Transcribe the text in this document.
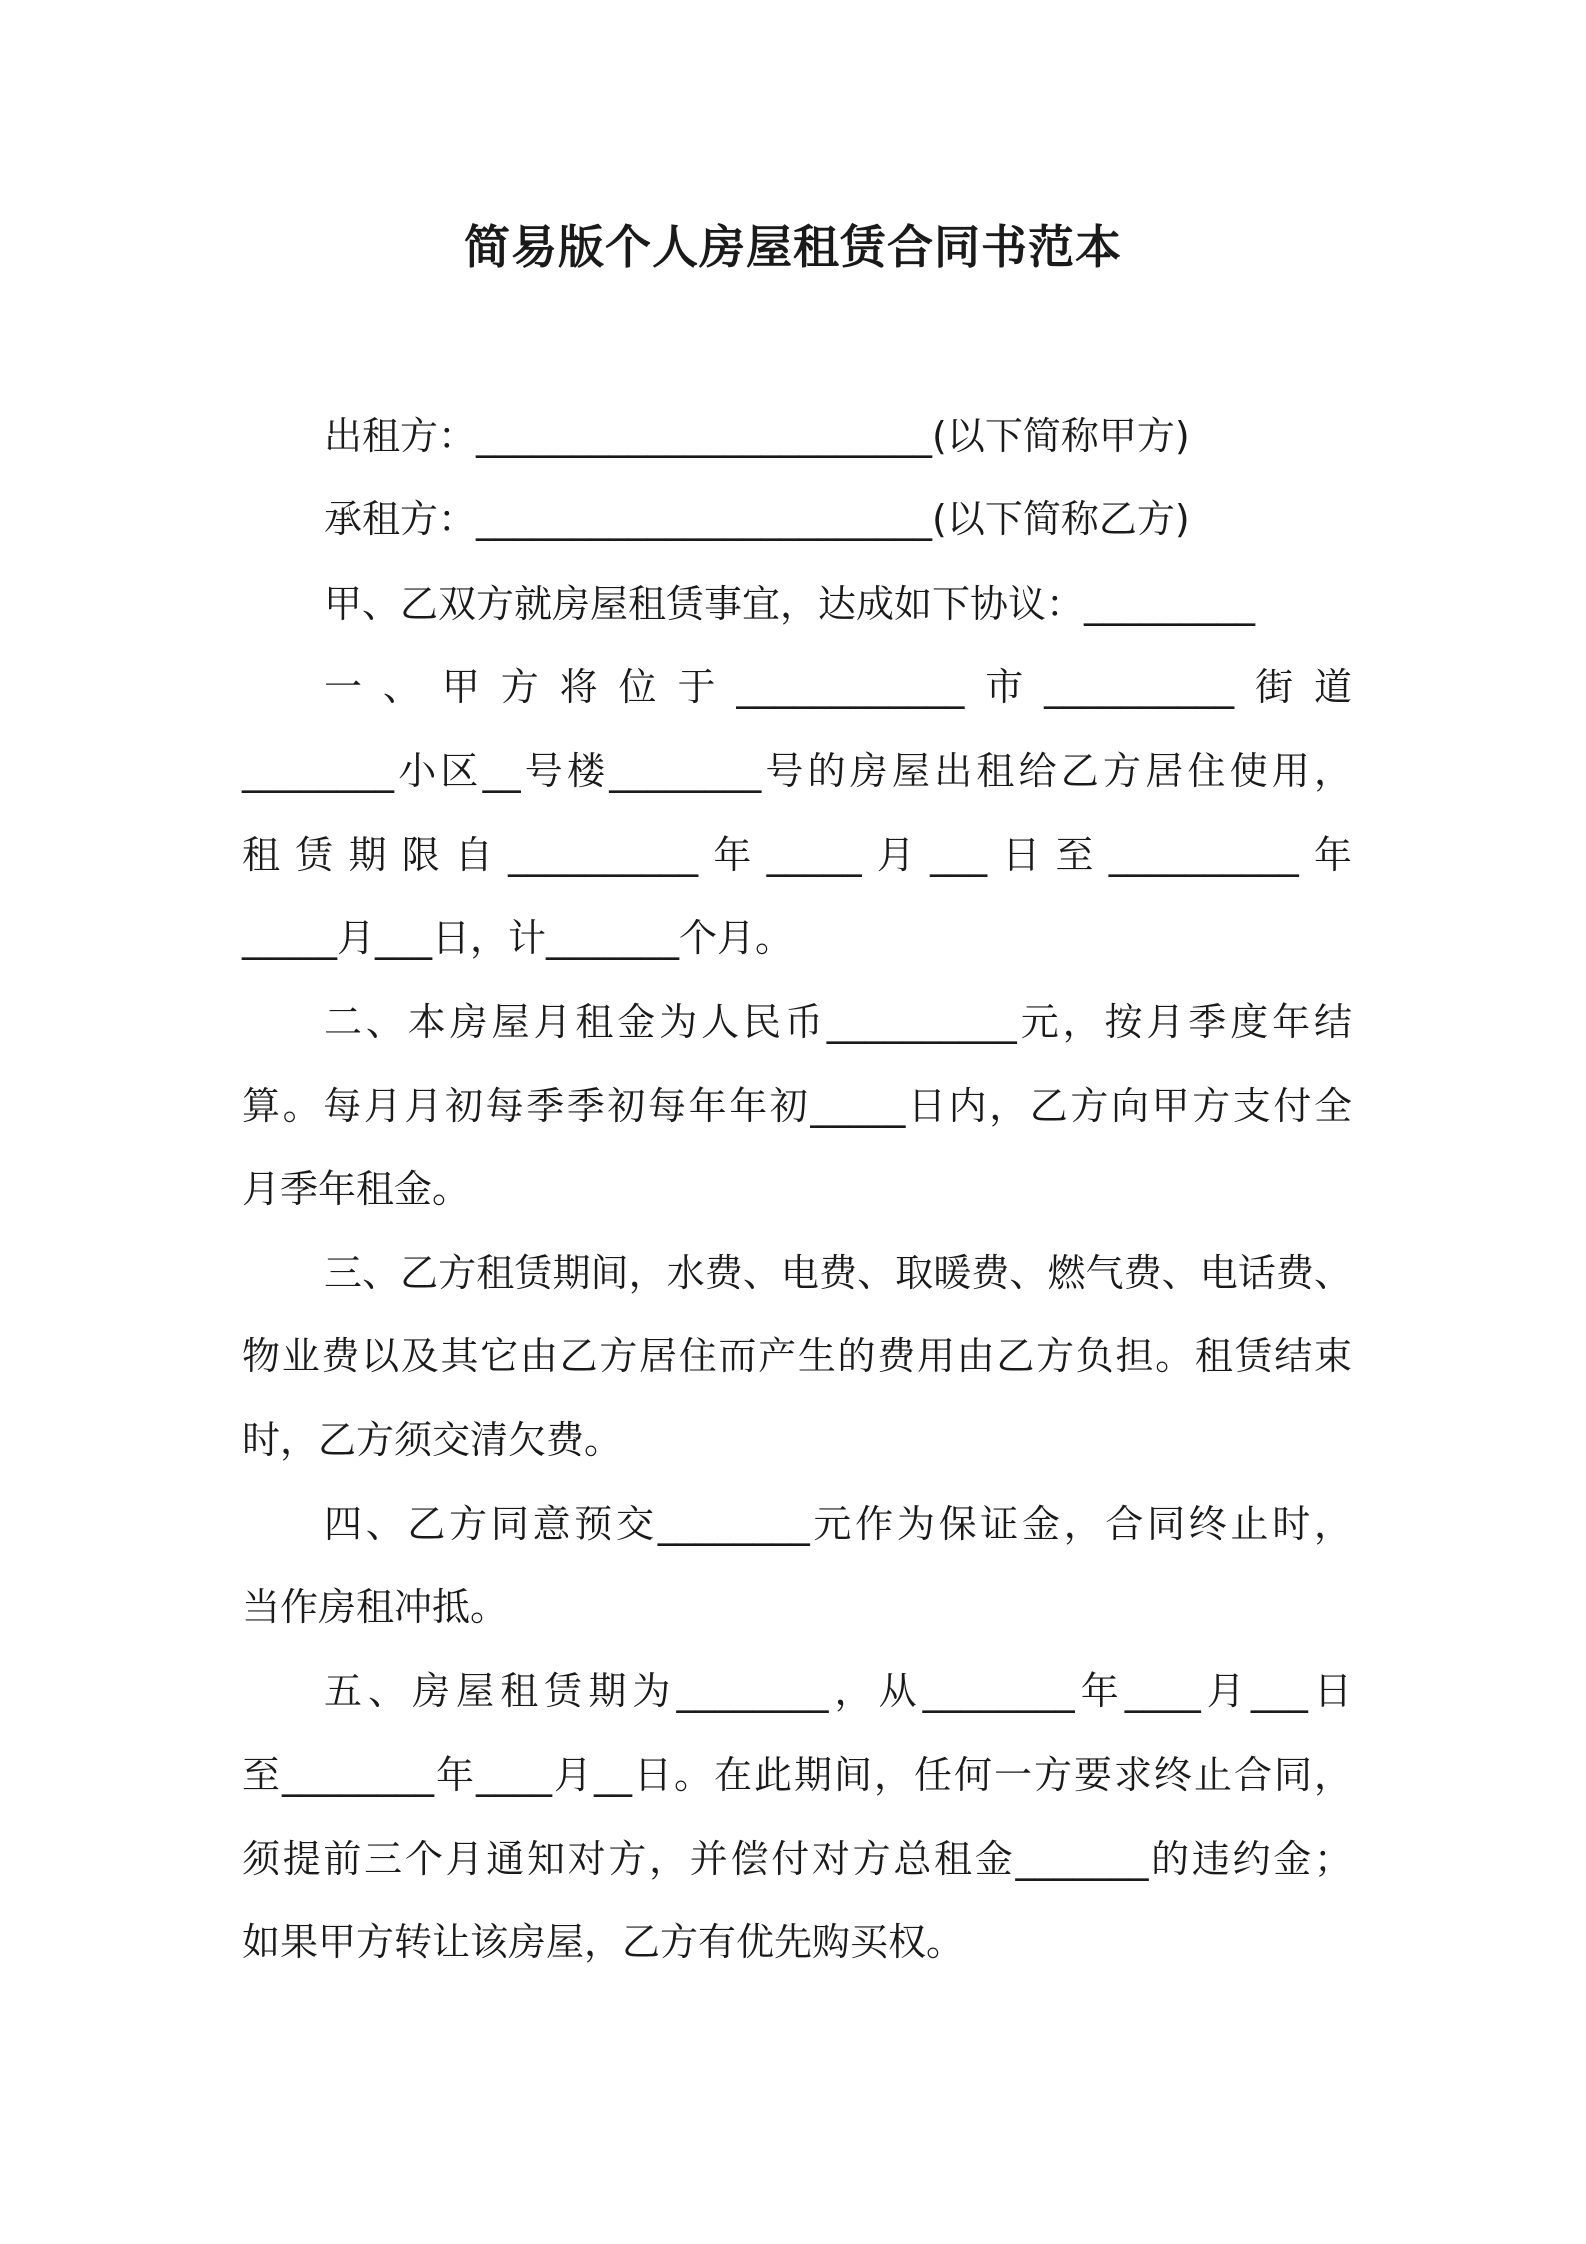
简易版个人房屋租赁合同书范本
出租方：________________________(以下简称甲方)
承租方：________________________(以下简称乙方)
甲、乙双方就房屋租赁事宜，达成如下协议：_________
一、甲方将位于____________市__________街道
________小区__号楼________号的房屋出租给乙方居住使用，
租赁期限自__________年_____月___日至__________年
_____月___日，计_______个月。
二、本房屋月租金为人民币__________元，按月季度年结
算。每月月初每季季初每年年初_____日内，乙方向甲方支付全
月季年租金。
三、乙方租赁期间，水费、电费、取暖费、燃气费、电话费、
物业费以及其它由乙方居住而产生的费用由乙方负担。租赁结束
时，乙方须交清欠费。
四、乙方同意预交________元作为保证金，合同终止时，
当作房租冲抵。
五、房屋租赁期为________，从________年____月___日
至________年____月__日。在此期间，任何一方要求终止合同，
须提前三个月通知对方，并偿付对方总租金_______的违约金；
如果甲方转让该房屋，乙方有优先购买权。
